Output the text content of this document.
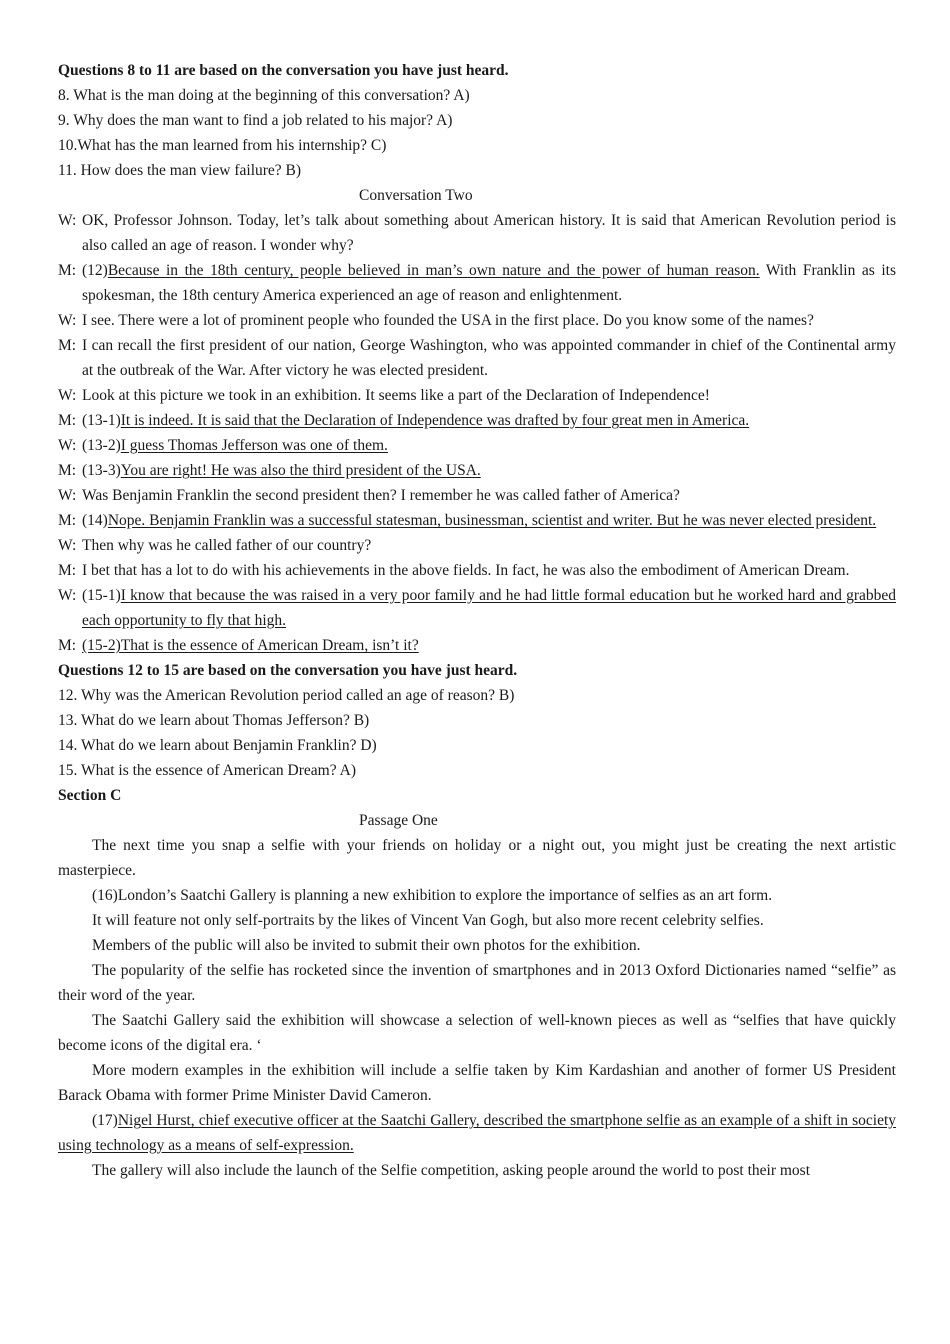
Questions 8 to 11 are based on the conversation you have just heard.
8. What is the man doing at the beginning of this conversation? A)
9. Why does the man want to find a job related to his major? A)
10.What has the man learned from his internship? C)
11. How does the man view failure? B)
Conversation Two
W: OK, Professor Johnson. Today, let’s talk about something about American history. It is said that American Revolution period is also called an age of reason. I wonder why?
M: (12)Because in the 18th century, people believed in man’s own nature and the power of human reason. With Franklin as its spokesman, the 18th century America experienced an age of reason and enlightenment.
W: I see. There were a lot of prominent people who founded the USA in the first place. Do you know some of the names?
M: I can recall the first president of our nation, George Washington, who was appointed commander in chief of the Continental army at the outbreak of the War. After victory he was elected president.
W: Look at this picture we took in an exhibition. It seems like a part of the Declaration of Independence!
M: (13-1)It is indeed. It is said that the Declaration of Independence was drafted by four great men in America.
W: (13-2)I guess Thomas Jefferson was one of them.
M: (13-3)You are right! He was also the third president of the USA.
W: Was Benjamin Franklin the second president then? I remember he was called father of America?
M: (14)Nope. Benjamin Franklin was a successful statesman, businessman, scientist and writer. But he was never elected president.
W: Then why was he called father of our country?
M: I bet that has a lot to do with his achievements in the above fields. In fact, he was also the embodiment of American Dream.
W: (15-1)I know that because the was raised in a very poor family and he had little formal education but he worked hard and grabbed each opportunity to fly that high.
M: (15-2)That is the essence of American Dream, isn’t it?
Questions 12 to 15 are based on the conversation you have just heard.
12. Why was the American Revolution period called an age of reason? B)
13. What do we learn about Thomas Jefferson? B)
14. What do we learn about Benjamin Franklin? D)
15. What is the essence of American Dream? A)
Section C
Passage One
The next time you snap a selfie with your friends on holiday or a night out, you might just be creating the next artistic masterpiece.
(16)London’s Saatchi Gallery is planning a new exhibition to explore the importance of selfies as an art form.
It will feature not only self-portraits by the likes of Vincent Van Gogh, but also more recent celebrity selfies.
Members of the public will also be invited to submit their own photos for the exhibition.
The popularity of the selfie has rocketed since the invention of smartphones and in 2013 Oxford Dictionaries named “selfie” as their word of the year.
The Saatchi Gallery said the exhibition will showcase a selection of well-known pieces as well as “selfies that have quickly become icons of the digital era. ‘
More modern examples in the exhibition will include a selfie taken by Kim Kardashian and another of former US President Barack Obama with former Prime Minister David Cameron.
(17)Nigel Hurst, chief executive officer at the Saatchi Gallery, described the smartphone selfie as an example of a shift in society using technology as a means of self-expression.
The gallery will also include the launch of the Selfie competition, asking people around the world to post their most
